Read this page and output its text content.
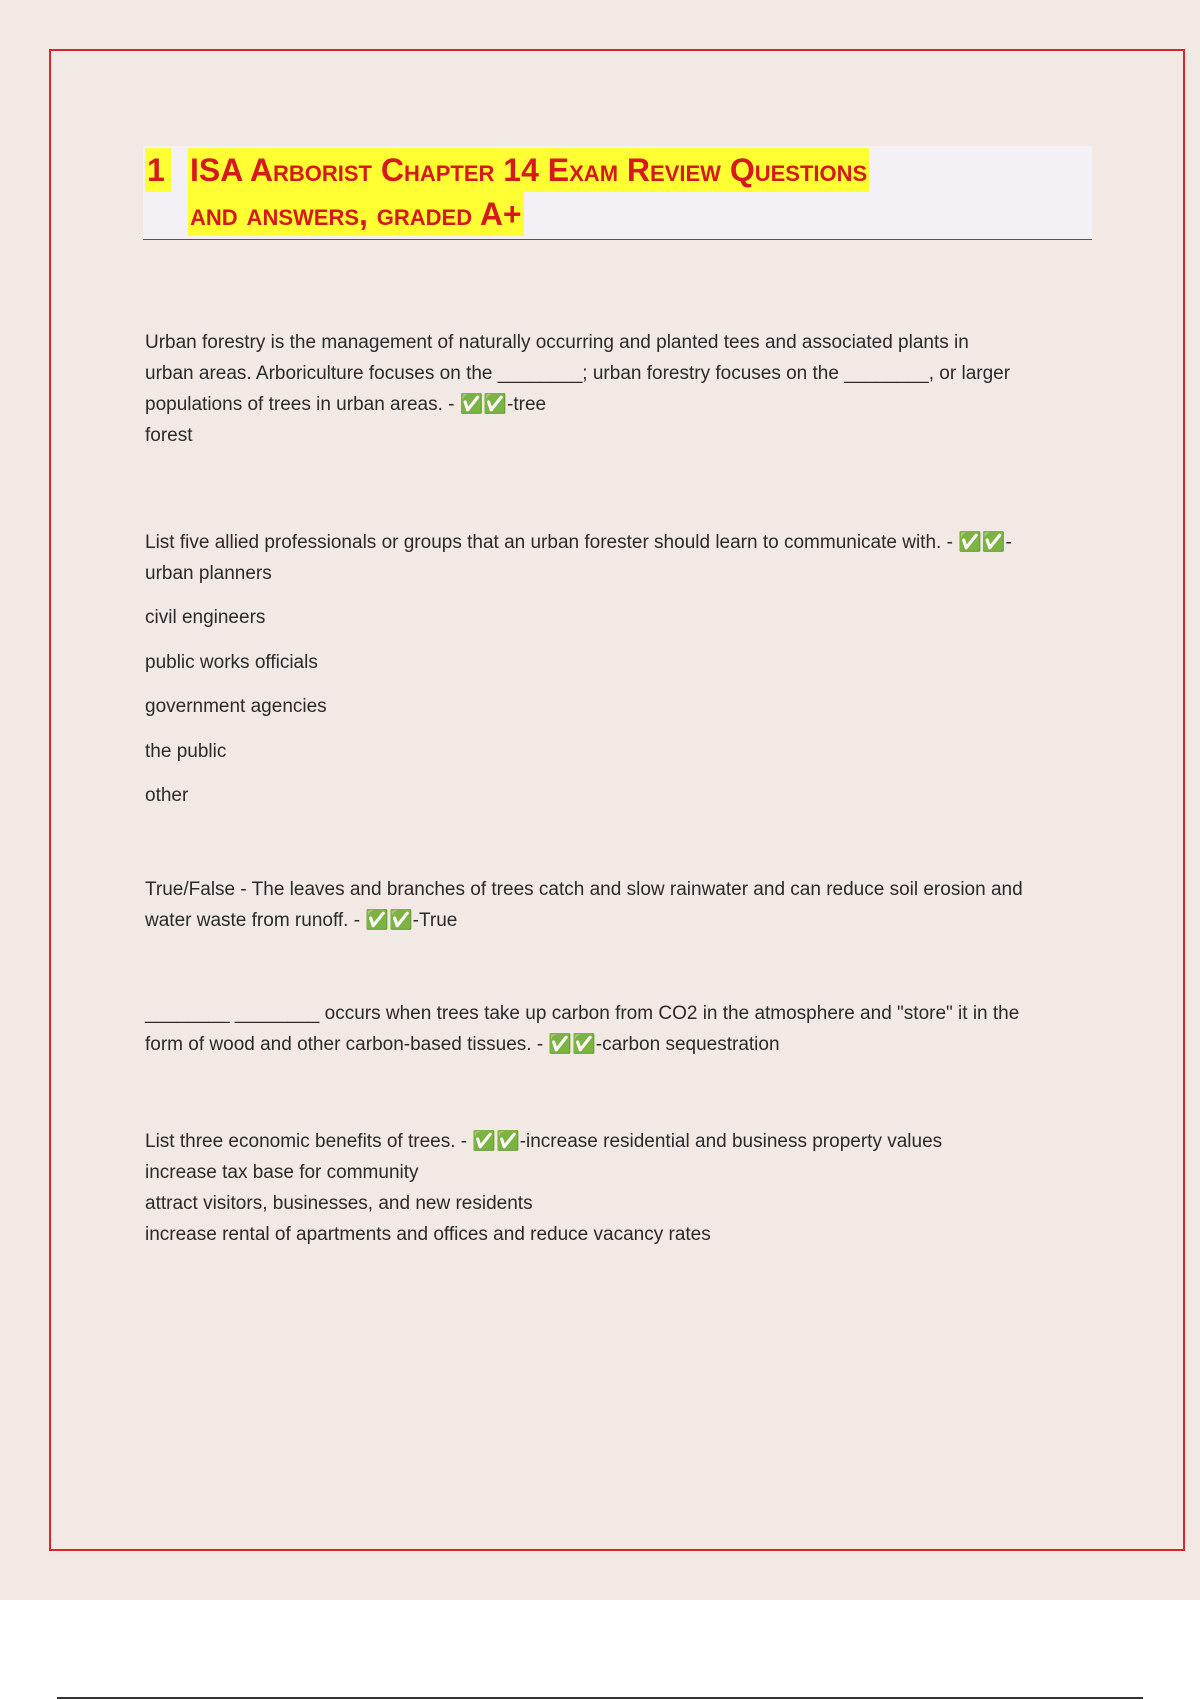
1 ISA Arborist Chapter 14 Exam Review Questions
and answers, graded A+

Urban forestry is the management of naturally occurring and planted tees and associated plants in

urban areas. Arboriculture focuses on the ________; urban forestry focuses on the ________, or larger

populations of trees in urban areas. - ✅✅-tree

forest

List five allied professionals or groups that an urban forester should learn to communicate with. - ✅✅-

urban planners

civil engineers

public works officials

government agencies

the public

other

True/False - The leaves and branches of trees catch and slow rainwater and can reduce soil erosion and

water waste from runoff. - ✅✅-True

________ ________ occurs when trees take up carbon from CO2 in the atmosphere and "store" it in the

form of wood and other carbon-based tissues. - ✅✅-carbon sequestration

List three economic benefits of trees. - ✅✅-increase residential and business property values

increase tax base for community

attract visitors, businesses, and new residents

increase rental of apartments and offices and reduce vacancy rates
